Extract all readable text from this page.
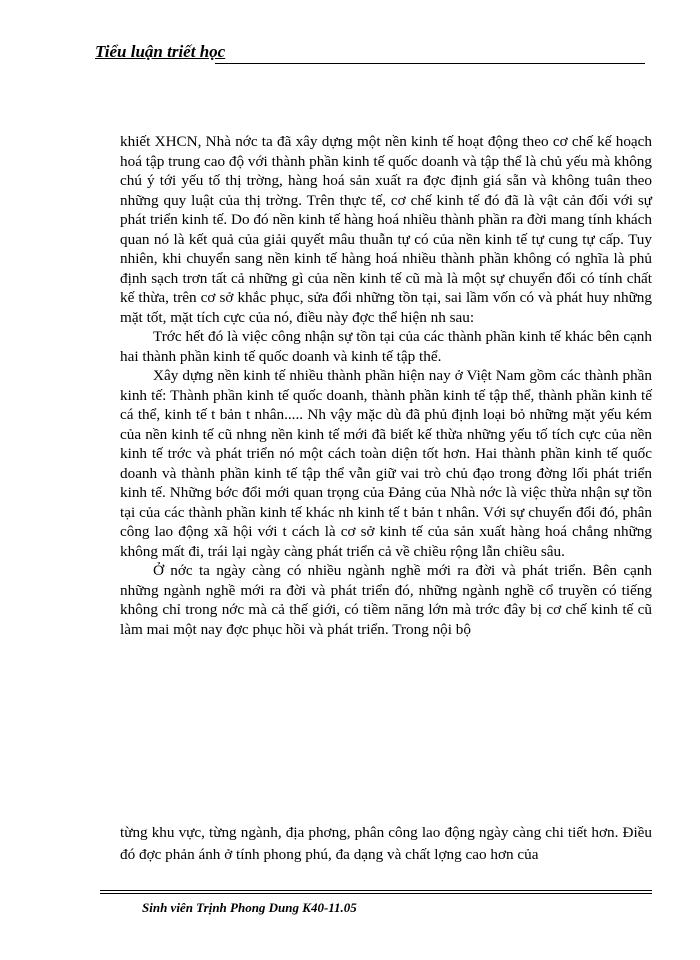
Tiểu luận triết học

khiết XHCN, Nhà nớc ta đã xây dựng một nền kinh tế hoạt động theo cơ chế kế hoạch hoá tập trung cao độ với thành phần kinh tế quốc doanh và tập thể là chủ yếu mà không chú ý tới yếu tố thị trờng, hàng hoá sản xuất ra đợc định giá sẵn và không tuân theo những quy luật của thị trờng. Trên thực tế, cơ chế kinh tế đó đã là vật cản đối với sự phát triển kinh tế. Do đó nền kinh tế hàng hoá nhiều thành phần ra đời mang tính khách quan nó là kết quả của giải quyết mâu thuẫn tự có của nền kinh tế tự cung tự cấp. Tuy nhiên, khi chuyển sang nền kinh tế hàng hoá nhiều thành phần không có nghĩa là phủ định sạch trơn tất cả những gì của nền kinh tế cũ mà là một sự chuyển đổi có tính chất kế thừa, trên cơ sở khắc phục, sửa đổi những tồn tại, sai lầm vốn có và phát huy những mặt tốt, mặt tích cực của nó, điều này đợc thể hiện nh sau:

Trớc hết đó là việc công nhận sự tồn tại của các thành phần kinh tế khác bên cạnh hai thành phần kinh tế quốc doanh và kinh tế tập thể.

Xây dựng nền kinh tế nhiều thành phần hiện nay ở Việt Nam gồm các thành phần kinh tế: Thành phần kinh tế quốc doanh, thành phần kinh tế tập thể, thành phần kinh tế cá thể, kinh tế t bản t nhân..... Nh vậy mặc dù đã phủ định loại bỏ những mặt yếu kém của nền kinh tế cũ nhng nền kinh tế mới đã biết kế thừa những yếu tố tích cực của nền kinh tế trớc và phát triển nó một cách toàn diện tốt hơn. Hai thành phần kinh tế quốc doanh và thành phần kinh tế tập thể vẫn giữ vai trò chủ đạo trong đờng lối phát triển kinh tế. Những bớc đổi mới quan trọng của Đảng của Nhà nớc là việc thừa nhận sự tồn tại của các thành phần kinh tế khác nh kinh tế t bản t nhân. Với sự chuyển đổi đó, phân công lao động xã hội với t cách là cơ sở kinh tế của sản xuất hàng hoá chẳng những không mất đi, trái lại ngày càng phát triển cả về chiều rộng lẫn chiều sâu.

Ở nớc ta ngày càng có nhiều ngành nghề mới ra đời và phát triển. Bên cạnh những ngành nghề mới ra đời và phát triển đó, những ngành nghề cổ truyền có tiếng không chỉ trong nớc mà cả thế giới, có tiềm năng lớn mà trớc đây bị cơ chế kinh tế cũ làm mai một nay đợc phục hồi và phát triển. Trong nội bộ

từng khu vực, từng ngành, địa phơng, phân công lao động ngày càng chi tiết hơn. Điều đó đợc phản ánh ở tính phong phú, đa dạng và chất lợng cao hơn của

Sinh viên Trịnh Phong Dung K40-11.05
